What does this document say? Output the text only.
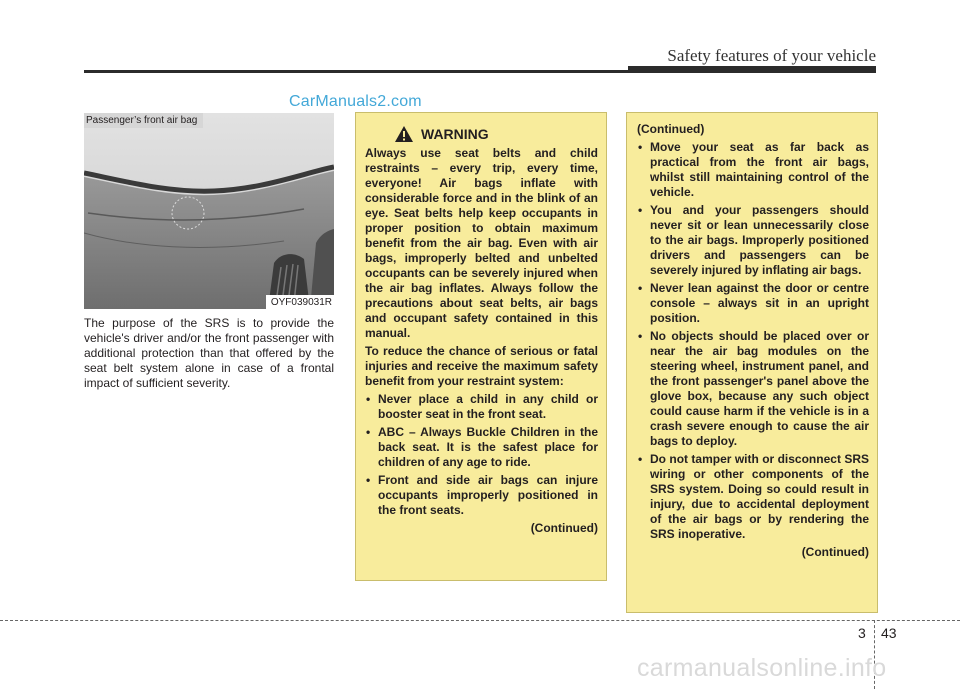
Safety features of your vehicle
CarManuals2.com
Passenger’s front air bag
OYF039031R

The purpose of the SRS is to provide the vehicle's driver and/or the front passenger with additional protection than that offered by the seat belt system alone in case of a frontal impact of sufficient severity.

WARNING

Always use seat belts and child restraints – every trip, every time, everyone! Air bags inflate with considerable force and in the blink of an eye. Seat belts help keep occupants in proper position to obtain maximum benefit from the air bag. Even with air bags, improperly belted and unbelted occupants can be severely injured when the air bag inflates. Always follow the precautions about seat belts, air bags and occupant safety contained in this manual.

To reduce the chance of serious or fatal injuries and receive the maximum safety benefit from your restraint system:

• Never place a child in any child or booster seat in the front seat.
• ABC – Always Buckle Children in the back seat. It is the safest place for children of any age to ride.
• Front and side air bags can injure occupants improperly positioned in the front seats.
(Continued)

(Continued)

• Move your seat as far back as practical from the front air bags, whilst still maintaining control of the vehicle.
• You and your passengers should never sit or lean unnecessarily close to the air bags. Improperly positioned drivers and passengers can be severely injured by inflating air bags.
• Never lean against the door or centre console – always sit in an upright position.
• No objects should be placed over or near the air bag modules on the steering wheel, instrument panel, and the front passenger's panel above the glove box, because any such object could cause harm if the vehicle is in a crash severe enough to cause the air bags to deploy.
• Do not tamper with or disconnect SRS wiring or other components of the SRS system. Doing so could result in injury, due to accidental deployment of the air bags or by rendering the SRS inoperative.
(Continued)
3 43
carmanualsonline.info
